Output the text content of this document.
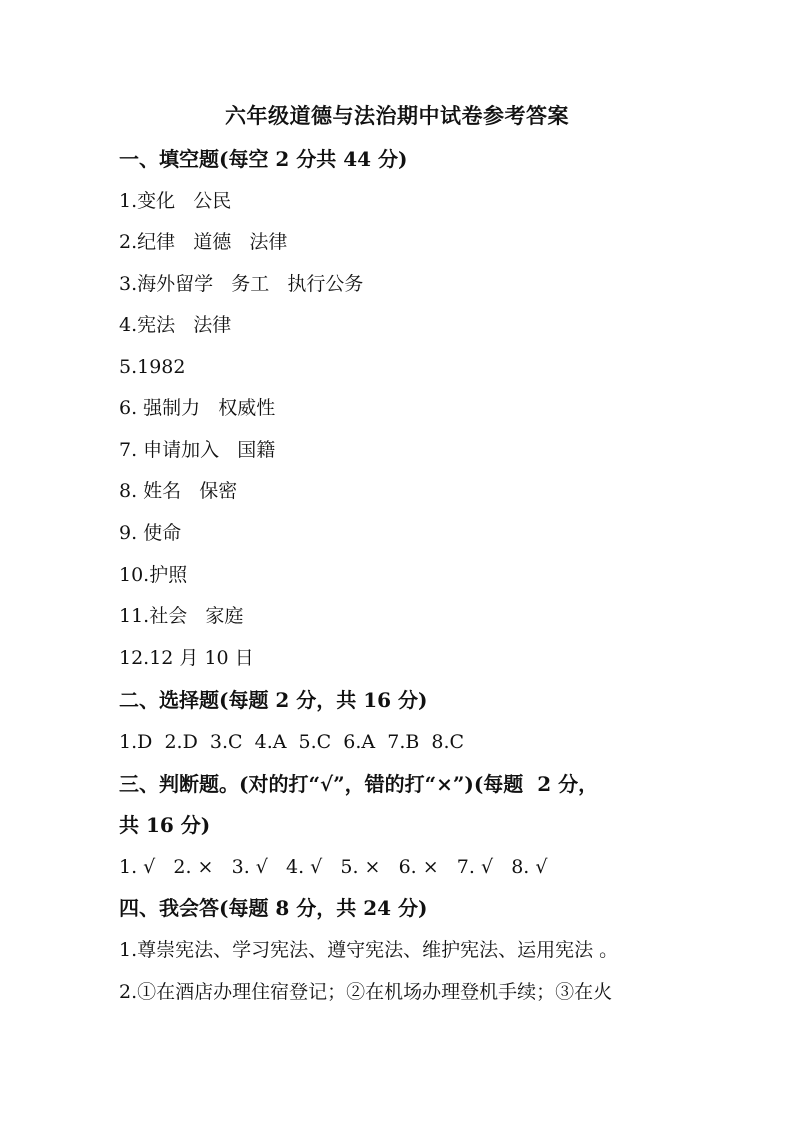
六年级道德与法治期中试卷参考答案
一、填空题(每空 2 分共 44 分)
1.变化   公民
2.纪律   道德   法律
3.海外留学   务工   执行公务
4.宪法   法律
5.1982
6. 强制力   权威性
7. 申请加入   国籍
8. 姓名   保密
9. 使命
10.护照
11.社会   家庭
12.12 月 10 日
二、选择题(每题 2 分，共 16 分)
1.D  2.D  3.C  4.A  5.C  6.A  7.B  8.C
三、判断题。(对的打“√”，错的打“×”)(每题  2 分，
共 16 分)
1. √   2. ×   3. √   4. √   5. ×   6. ×   7. √   8. √
四、我会答(每题 8 分，共 24 分)
1.尊崇宪法、学习宪法、遵守宪法、维护宪法、运用宪法 。
2.①在酒店办理住宿登记；②在机场办理登机手续；③在火
